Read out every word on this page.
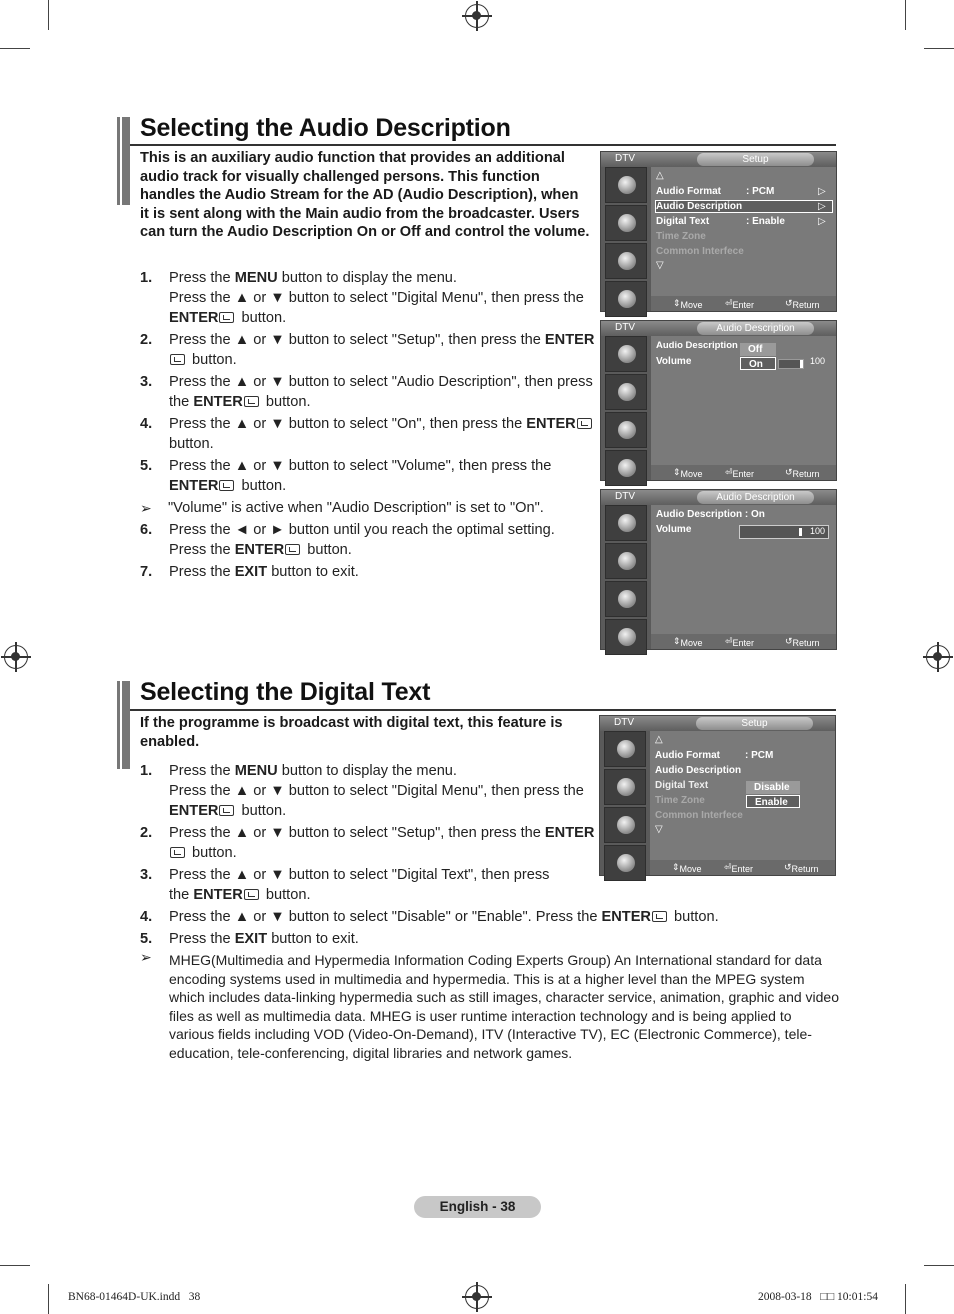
Selecting the Audio Description
This is an auxiliary audio function that provides an additional audio track for visually challenged persons. This function handles the Audio Stream for the AD (Audio Description), when it is sent along with the Main audio from the broadcaster. Users can turn the Audio Description On or Off and control the volume.
1. Press the MENU button to display the menu.
Press the ▲ or ▼ button to select "Digital Menu", then press the ENTER button.
2. Press the ▲ or ▼ button to select "Setup", then press the ENTER button.
3. Press the ▲ or ▼ button to select "Audio Description", then press the ENTER button.
4. Press the ▲ or ▼ button to select "On", then press the ENTER button.
5. Press the ▲ or ▼ button to select "Volume", then press the ENTER button.
➢ "Volume" is active when "Audio Description" is set to "On".
6. Press the ◄ or ► button until you reach the optimal setting.
Press the ENTER button.
7. Press the EXIT button to exit.
DTV	Setup
△
Audio Format	: PCM	▷
Audio Description	▷
Digital Text	: Enable	▷
Time Zone
Common Interfece
▽
⇕ Move ⏎ Enter	↺ Return
DTV	Audio Description
Audio Description
Volume
Off
On	100
⇕ Move ⏎ Enter	↺ Return
DTV	Audio Description
Audio Description : On
Volume	100
⇕ Move ⏎ Enter	↺ Return
Selecting the Digital Text
If the programme is broadcast with digital text, this feature is enabled.
1. Press the MENU button to display the menu.
Press the ▲ or ▼ button to select "Digital Menu", then press the ENTER button.
2. Press the ▲ or ▼ button to select "Setup", then press the ENTER button.
3. Press the ▲ or ▼ button to select "Digital Text", then press the ENTER button.
4. Press the ▲ or ▼ button to select "Disable" or "Enable". Press the ENTER button.
5. Press the EXIT button to exit.
➢ MHEG(Multimedia and Hypermedia Information Coding Experts Group) An International standard for data encoding systems used in multimedia and hypermedia. This is at a higher level than the MPEG system which includes data-linking hypermedia such as still images, character service, animation, graphic and video files as well as multimedia data. MHEG is user runtime interaction technology and is being applied to various fields including VOD (Video-On-Demand), ITV (Interactive TV), EC (Electronic Commerce), tele-education, tele-conferencing, digital libraries and network games.
DTV	Setup
△
Audio Format	: PCM
Audio Description
Digital Text
Time Zone
Common Interfece
▽
Disable
Enable
⇕ Move ⏎ Enter	↺ Return
English - 38
BN68-01464D-UK.indd   38	2008-03-18   □□ 10:01:54
